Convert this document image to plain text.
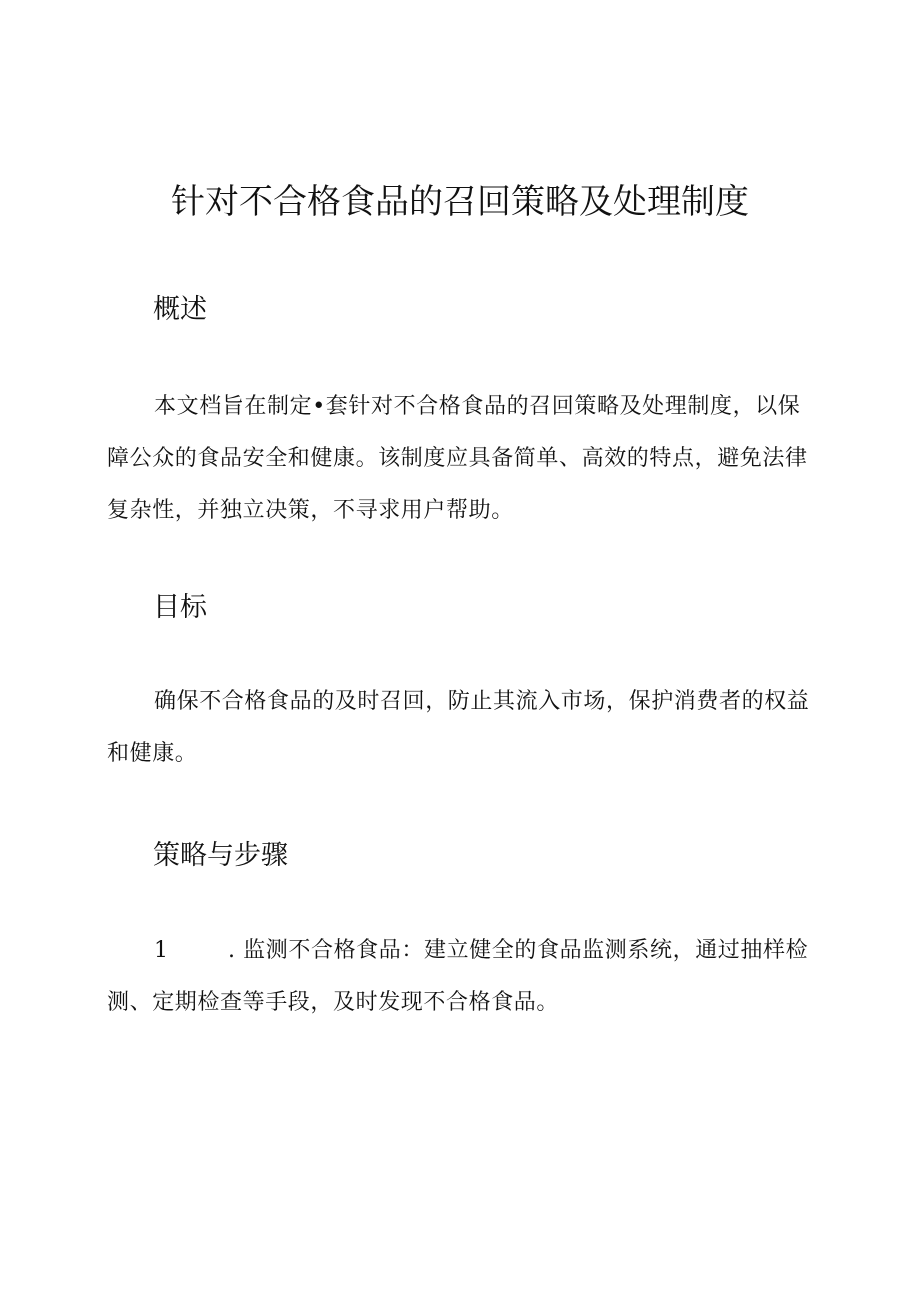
针对不合格食品的召回策略及处理制度
概述

本文档旨在制定•套针对不合格食品的召回策略及处理制度，以保障公众的食品安全和健康。该制度应具备简单、高效的特点，避免法律复杂性，并独立决策，不寻求用户帮助。

目标

确保不合格食品的及时召回，防止其流入市场，保护消费者的权益和健康。

策略与步骤

1	. 监测不合格食品：建立健全的食品监测系统，通过抽样检测、定期检查等手段，及时发现不合格食品。
